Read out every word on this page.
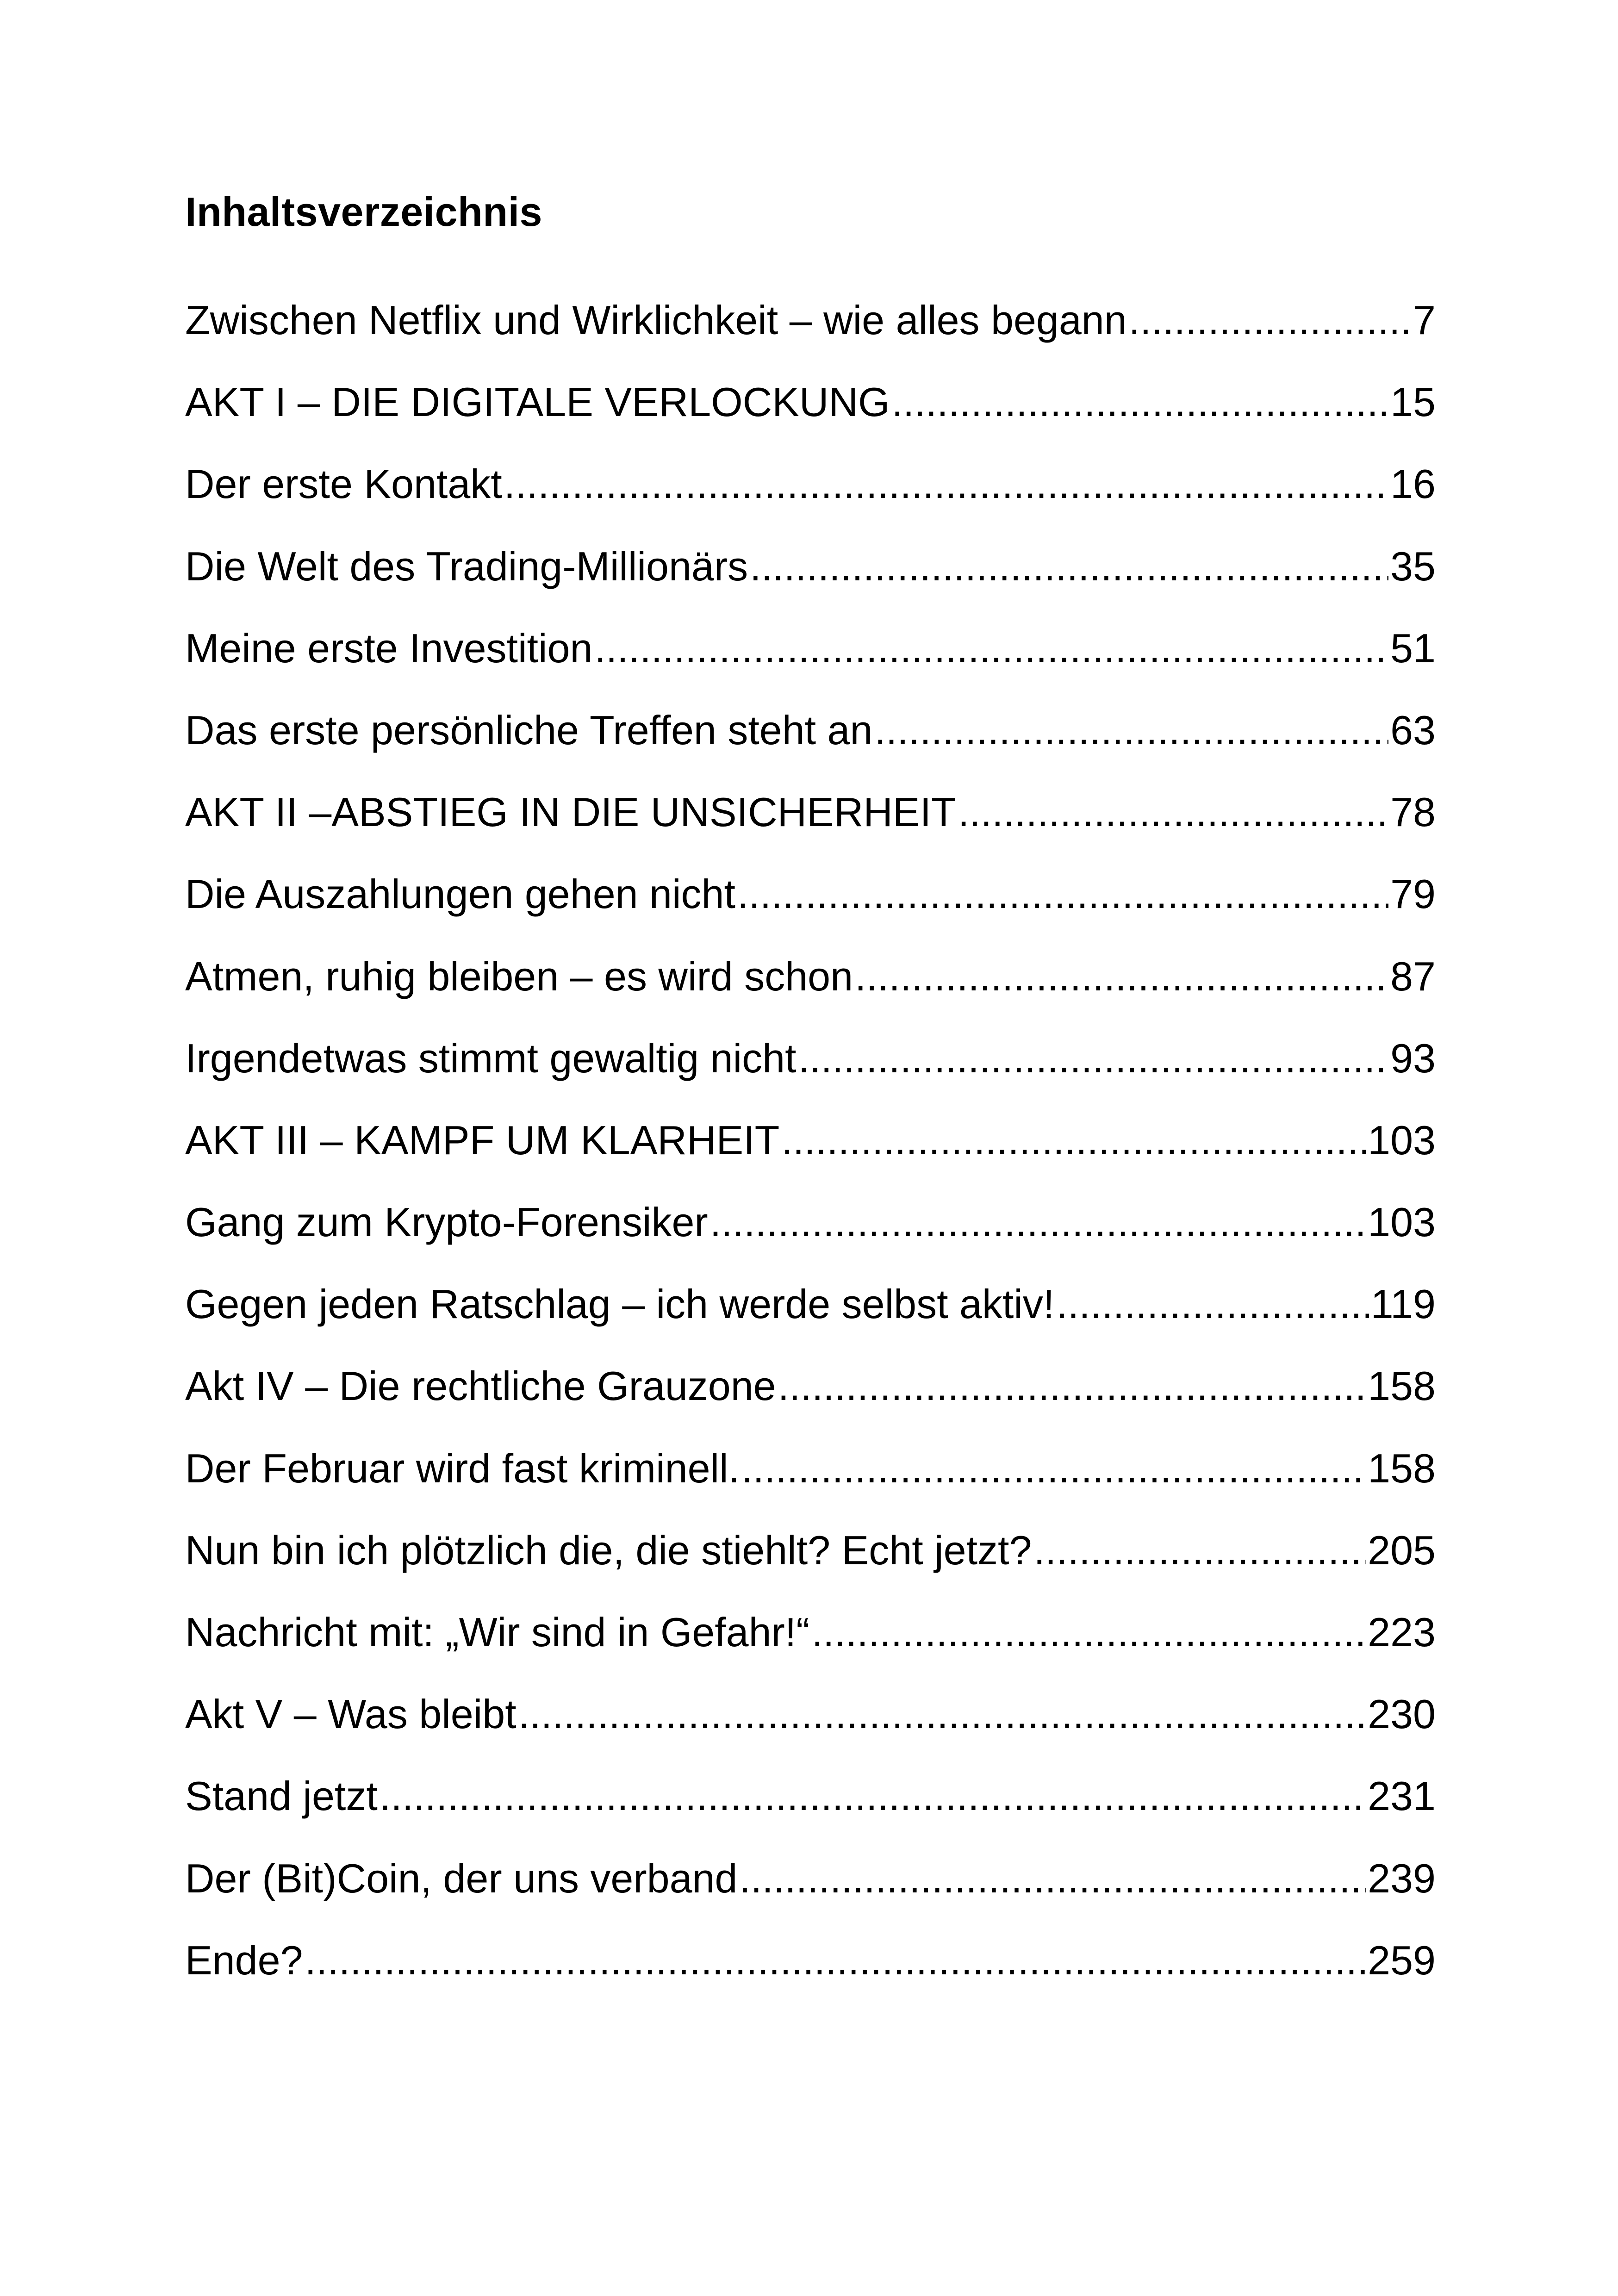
Inhaltsverzeichnis
Zwischen Netflix und Wirklichkeit – wie alles begann .....	7
AKT I – DIE DIGITALE VERLOCKUNG .....	15
Der erste Kontakt .....	16
Die Welt des Trading-Millionärs .....	35
Meine erste Investition .....	51
Das erste persönliche Treffen steht an .....	63
AKT II –ABSTIEG IN DIE UNSICHERHEIT .....	78
Die Auszahlungen gehen nicht .....	79
Atmen, ruhig bleiben – es wird schon .....	87
Irgendetwas stimmt gewaltig nicht .....	93
AKT III – KAMPF UM KLARHEIT .....	103
Gang zum Krypto-Forensiker .....	103
Gegen jeden Ratschlag – ich werde selbst aktiv! .....	119
Akt IV – Die rechtliche Grauzone .....	158
Der Februar wird fast kriminell. .....	158
Nun bin ich plötzlich die, die stiehlt? Echt jetzt? .....	205
Nachricht mit: „Wir sind in Gefahr!“ .....	223
Akt V – Was bleibt .....	230
Stand jetzt .....	231
Der (Bit)Coin, der uns verband .....	239
Ende? .....	259
